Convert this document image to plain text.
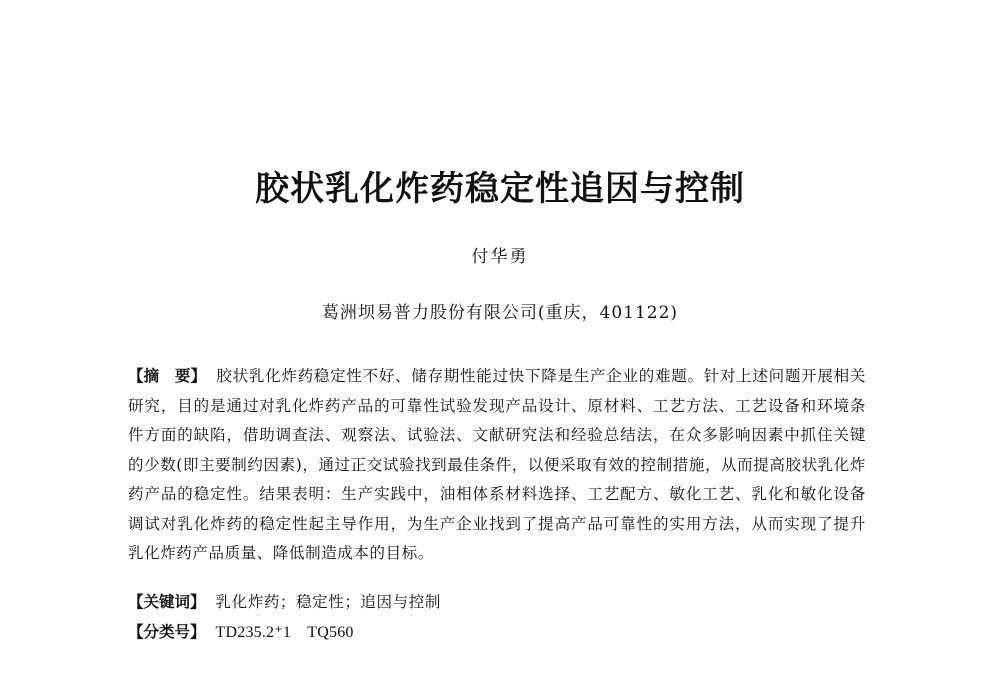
胶状乳化炸药稳定性追因与控制
付华勇
葛洲坝易普力股份有限公司(重庆，401122)
【摘　要】 胶状乳化炸药稳定性不好、储存期性能过快下降是生产企业的难题。针对上述问题开展相关研究，目的是通过对乳化炸药产品的可靠性试验发现产品设计、原材料、工艺方法、工艺设备和环境条件方面的缺陷，借助调查法、观察法、试验法、文献研究法和经验总结法，在众多影响因素中抓住关键的少数(即主要制约因素)，通过正交试验找到最佳条件，以便采取有效的控制措施，从而提高胶状乳化炸药产品的稳定性。结果表明：生产实践中，油相体系材料选择、工艺配方、敏化工艺、乳化和敏化设备调试对乳化炸药的稳定性起主导作用，为生产企业找到了提高产品可靠性的实用方法，从而实现了提升乳化炸药产品质量、降低制造成本的目标。
【关键词】 乳化炸药；稳定性；追因与控制
【分类号】 TD235.2⁺1　TQ560
